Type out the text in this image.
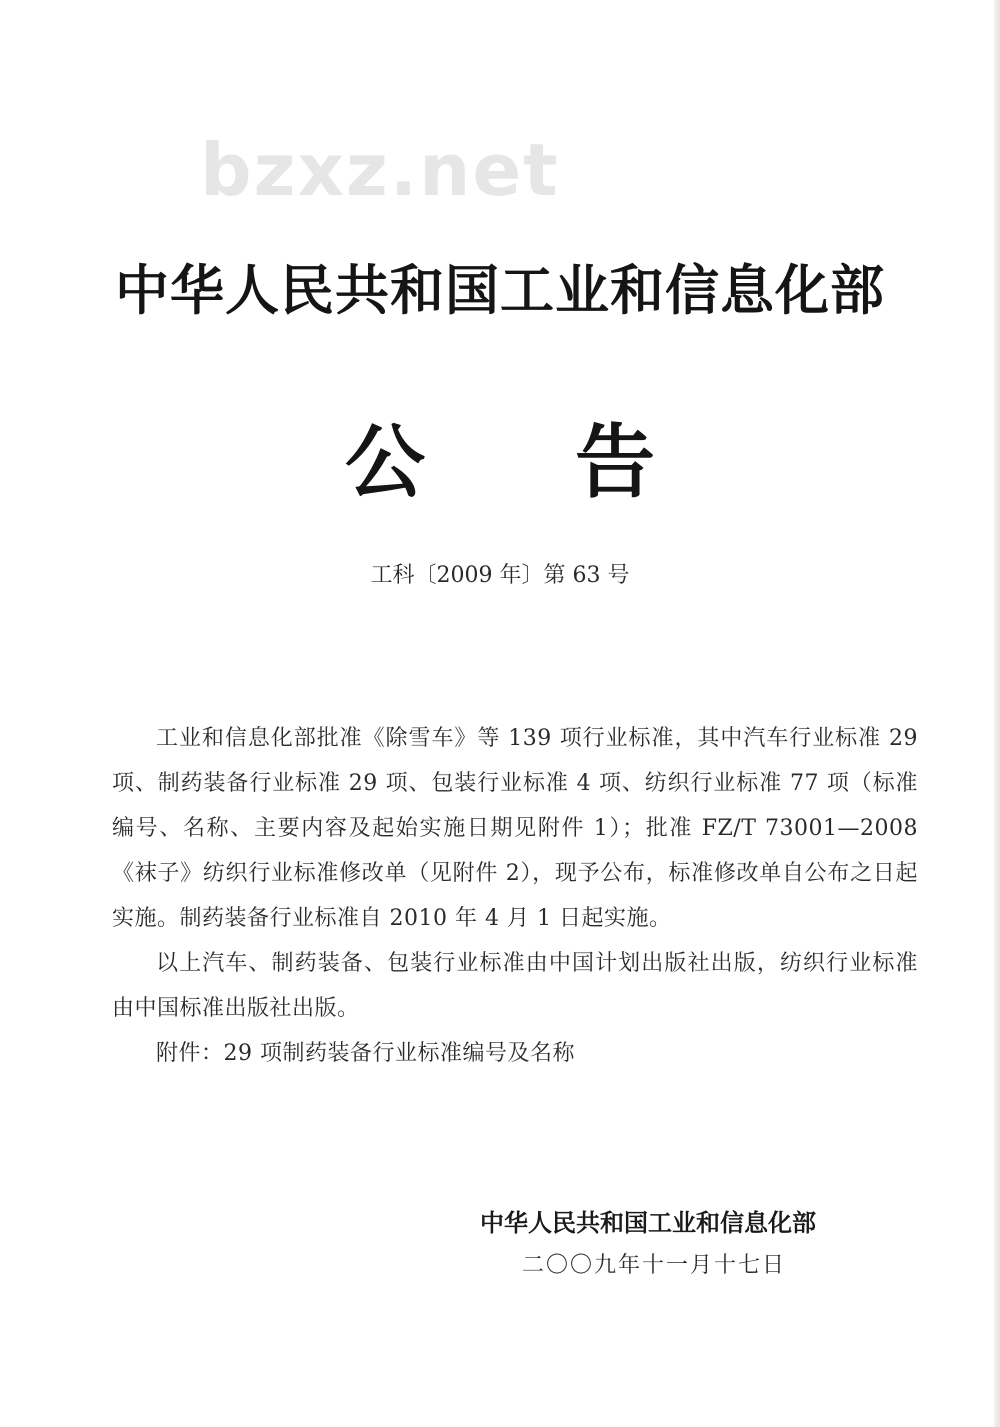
bzxz.net
中华人民共和国工业和信息化部
公 告
工科〔2009 年〕第 63 号

工业和信息化部批准《除雪车》等 139 项行业标准，其中汽车行业标准 29 项、制药装备行业标准 29 项、包装行业标准 4 项、纺织行业标准 77 项（标准编号、名称、主要内容及起始实施日期见附件 1）；批准 FZ/T 73001—2008《袜子》纺织行业标准修改单（见附件 2），现予公布，标准修改单自公布之日起实施。制药装备行业标准自 2010 年 4 月 1 日起实施。

以上汽车、制药装备、包装行业标准由中国计划出版社出版，纺织行业标准由中国标准出版社出版。

附件：29 项制药装备行业标准编号及名称

中华人民共和国工业和信息化部
二〇〇九年十一月十七日
